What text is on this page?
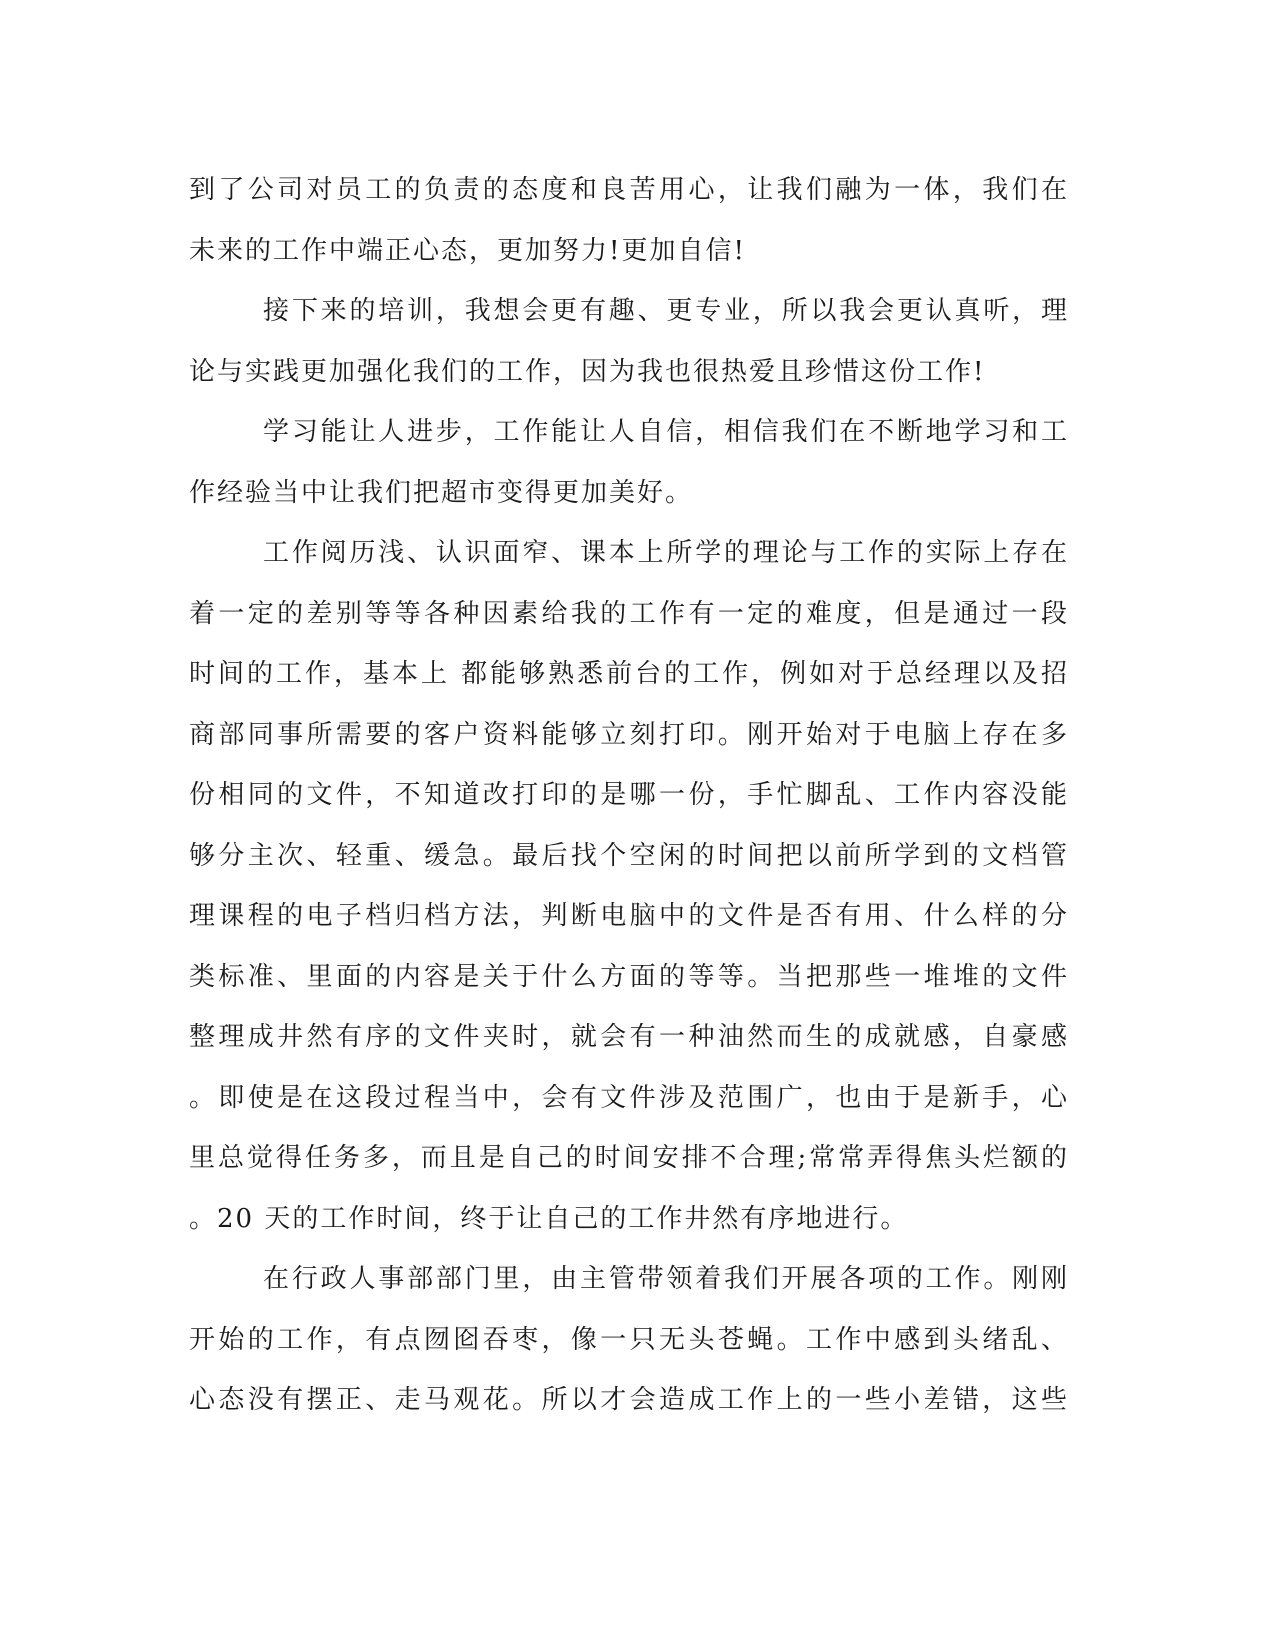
到了公司对员工的负责的态度和良苦用心，让我们融为一体，我们在
未来的工作中端正心态，更加努力!更加自信!
接下来的培训，我想会更有趣、更专业，所以我会更认真听，理
论与实践更加强化我们的工作，因为我也很热爱且珍惜这份工作!
学习能让人进步，工作能让人自信，相信我们在不断地学习和工
作经验当中让我们把超市变得更加美好。
工作阅历浅、认识面窄、课本上所学的理论与工作的实际上存在
着一定的差别等等各种因素给我的工作有一定的难度，但是通过一段
时间的工作，基本上 都能够熟悉前台的工作，例如对于总经理以及招
商部同事所需要的客户资料能够立刻打印。刚开始对于电脑上存在多
份相同的文件，不知道改打印的是哪一份，手忙脚乱、工作内容没能
够分主次、轻重、缓急。最后找个空闲的时间把以前所学到的文档管
理课程的电子档归档方法，判断电脑中的文件是否有用、什么样的分
类标准、里面的内容是关于什么方面的等等。当把那些一堆堆的文件
整理成井然有序的文件夹时，就会有一种油然而生的成就感，自豪感
。即使是在这段过程当中，会有文件涉及范围广，也由于是新手，心
里总觉得任务多，而且是自己的时间安排不合理;常常弄得焦头烂额的
。20 天的工作时间，终于让自己的工作井然有序地进行。
在行政人事部部门里，由主管带领着我们开展各项的工作。刚刚
开始的工作，有点囫囵吞枣，像一只无头苍蝇。工作中感到头绪乱、
心态没有摆正、走马观花。所以才会造成工作上的一些小差错，这些
